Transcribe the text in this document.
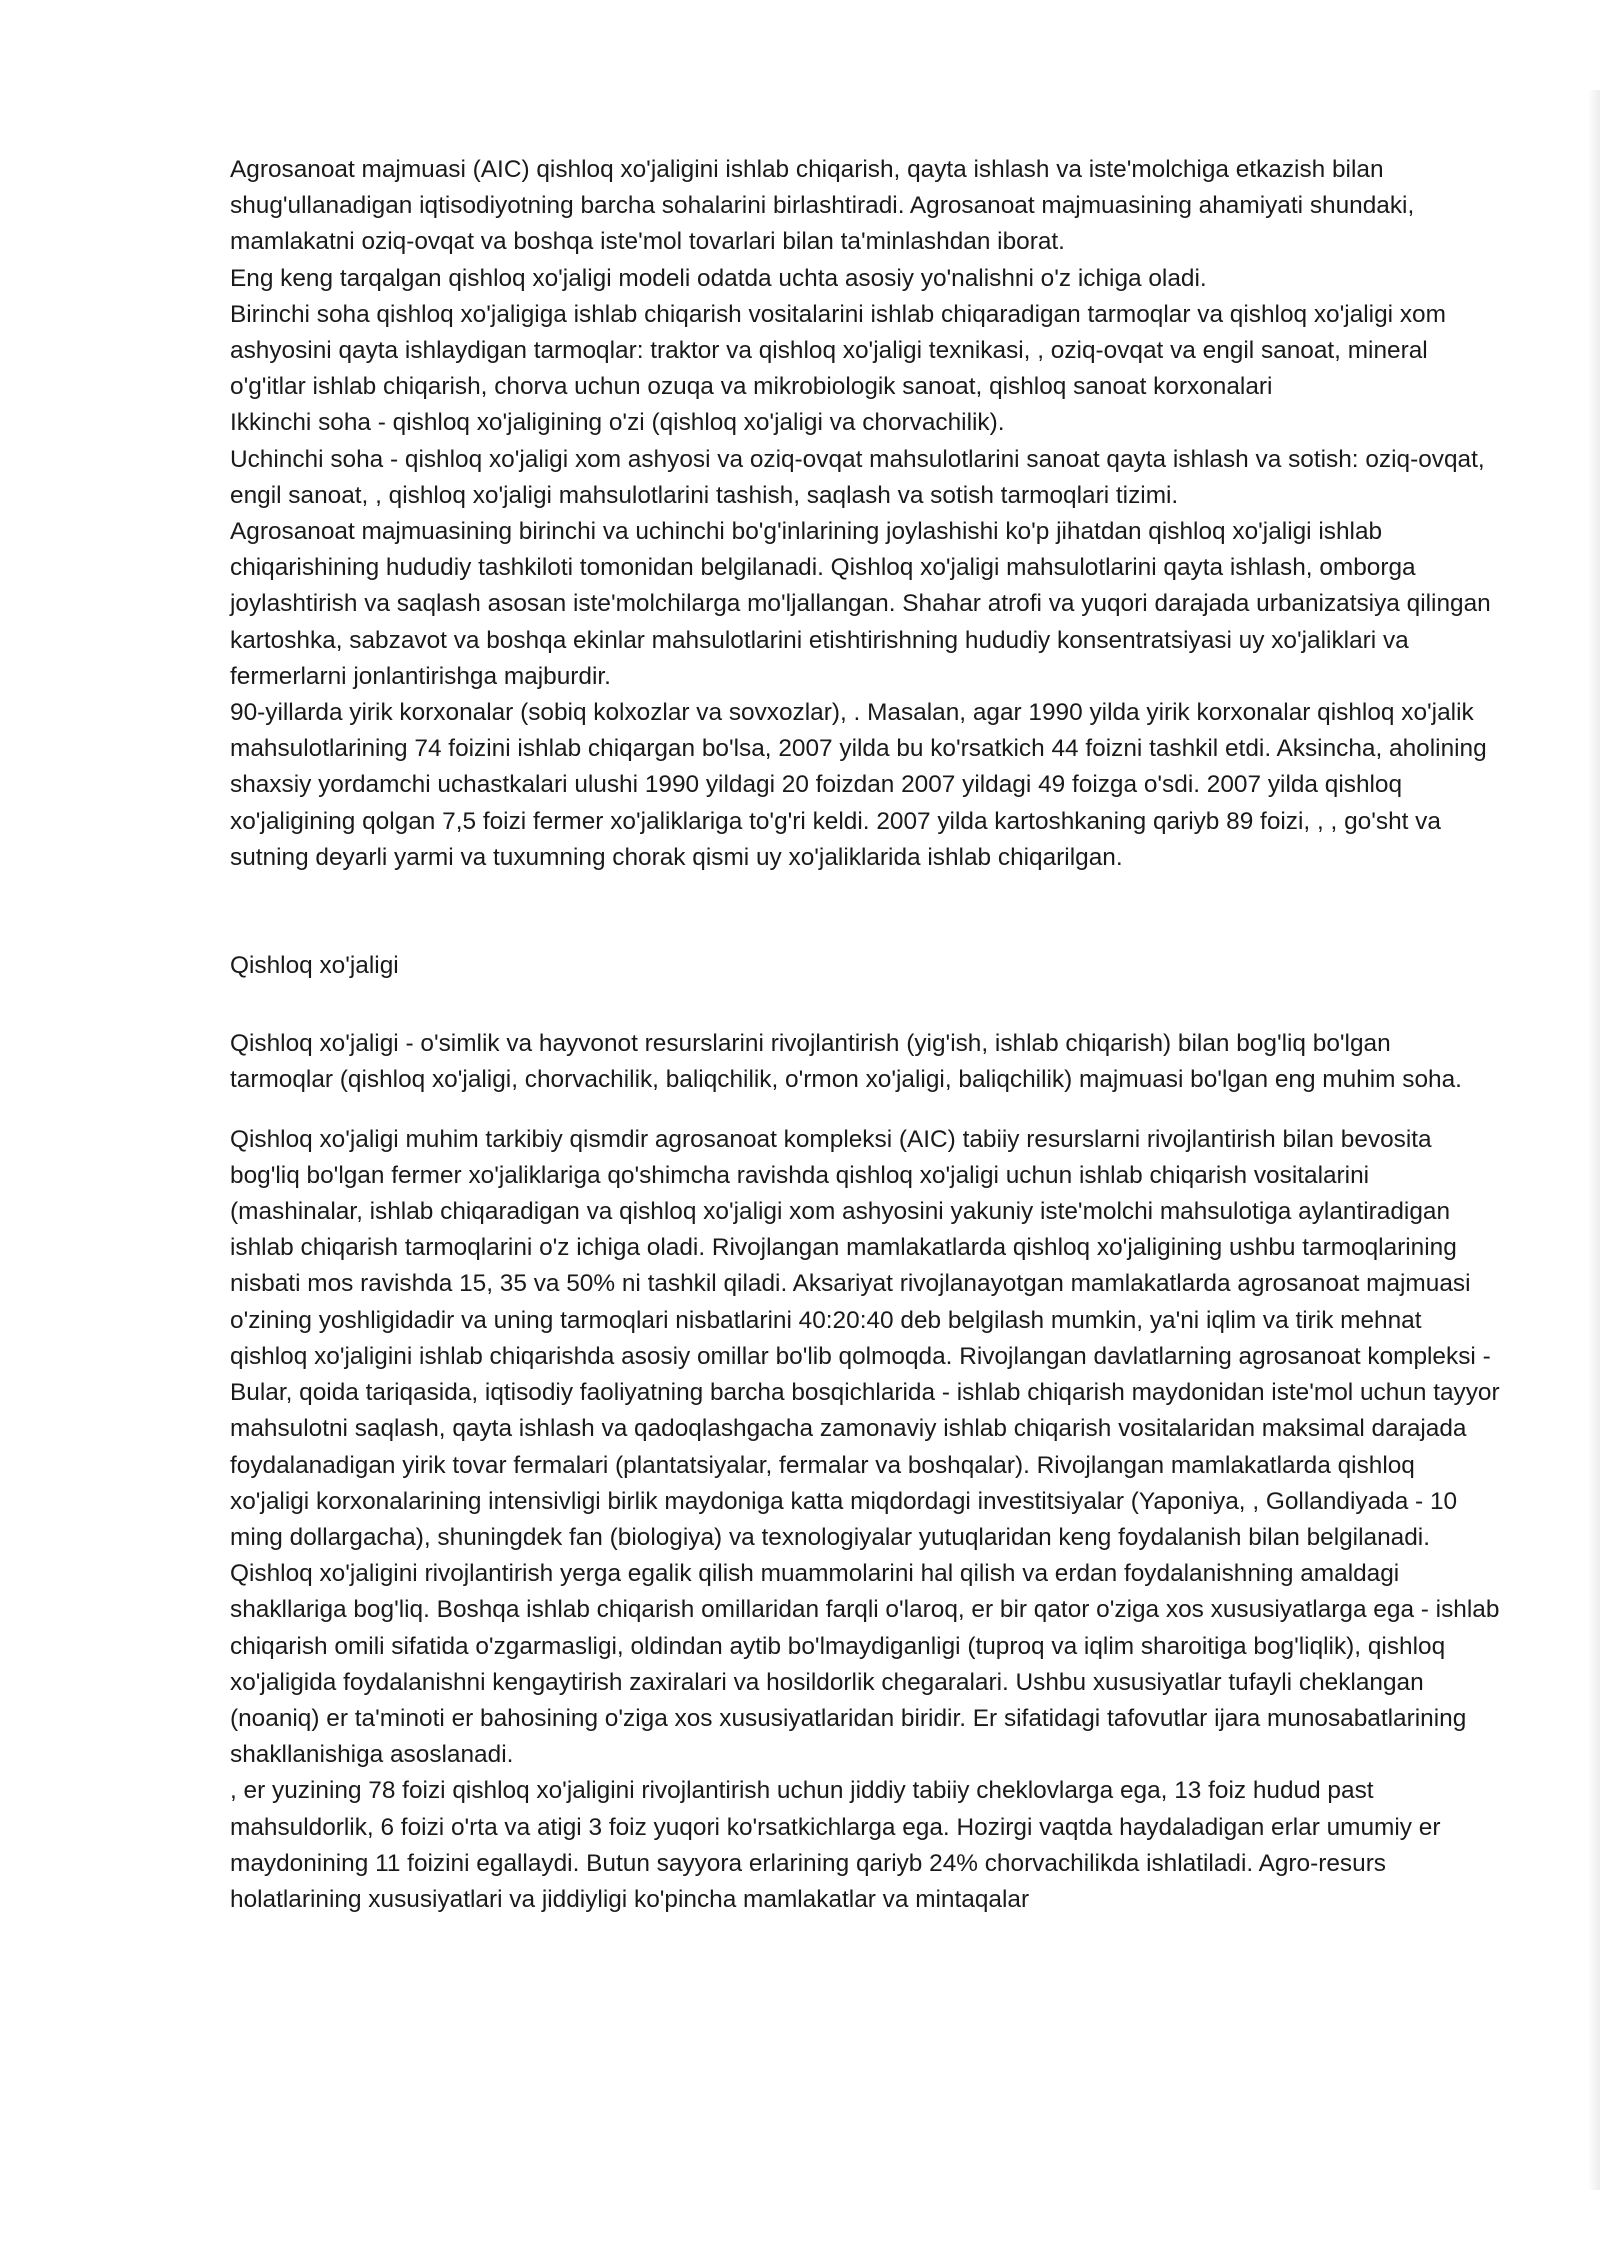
Agrosanoat majmuasi (AIC) qishloq xo'jaligini ishlab chiqarish, qayta ishlash va iste'molchiga etkazish bilan shug'ullanadigan iqtisodiyotning barcha sohalarini birlashtiradi. Agrosanoat majmuasining ahamiyati shundaki, mamlakatni oziq-ovqat va boshqa iste'mol tovarlari bilan ta'minlashdan iborat.

Eng keng tarqalgan qishloq xo'jaligi modeli odatda uchta asosiy yo'nalishni o'z ichiga oladi.

Birinchi soha qishloq xo'jaligiga ishlab chiqarish vositalarini ishlab chiqaradigan tarmoqlar va qishloq xo'jaligi xom ashyosini qayta ishlaydigan tarmoqlar: traktor va qishloq xo'jaligi texnikasi, , oziq-ovqat va engil sanoat, mineral o'g'itlar ishlab chiqarish, chorva uchun ozuqa va mikrobiologik sanoat, qishloq sanoat korxonalari

Ikkinchi soha - qishloq xo'jaligining o'zi (qishloq xo'jaligi va chorvachilik).

Uchinchi soha - qishloq xo'jaligi xom ashyosi va oziq-ovqat mahsulotlarini sanoat qayta ishlash va sotish: oziq-ovqat, engil sanoat, , qishloq xo'jaligi mahsulotlarini tashish, saqlash va sotish tarmoqlari tizimi.

Agrosanoat majmuasining birinchi va uchinchi bo'g'inlarining joylashishi ko'p jihatdan qishloq xo'jaligi ishlab chiqarishining hududiy tashkiloti tomonidan belgilanadi. Qishloq xo'jaligi mahsulotlarini qayta ishlash, omborga joylashtirish va saqlash asosan iste'molchilarga mo'ljallangan. Shahar atrofi va yuqori darajada urbanizatsiya qilingan kartoshka, sabzavot va boshqa ekinlar mahsulotlarini etishtirishning hududiy konsentratsiyasi uy xo'jaliklari va fermerlarni jonlantirishga majburdir.

90-yillarda yirik korxonalar (sobiq kolxozlar va sovxozlar), . Masalan, agar 1990 yilda yirik korxonalar qishloq xo'jalik mahsulotlarining 74 foizini ishlab chiqargan bo'lsa, 2007 yilda bu ko'rsatkich 44 foizni tashkil etdi. Aksincha, aholining shaxsiy yordamchi uchastkalari ulushi 1990 yildagi 20 foizdan 2007 yildagi 49 foizga o'sdi. 2007 yilda qishloq xo'jaligining qolgan 7,5 foizi fermer xo'jaliklariga to'g'ri keldi. 2007 yilda kartoshkaning qariyb 89 foizi, , , go'sht va sutning deyarli yarmi va tuxumning chorak qismi uy xo'jaliklarida ishlab chiqarilgan.

Qishloq xo'jaligi

Qishloq xo'jaligi - o'simlik va hayvonot resurslarini rivojlantirish (yig'ish, ishlab chiqarish) bilan bog'liq bo'lgan tarmoqlar (qishloq xo'jaligi, chorvachilik, baliqchilik, o'rmon xo'jaligi, baliqchilik) majmuasi bo'lgan eng muhim soha.

Qishloq xo'jaligi muhim tarkibiy qismdir agrosanoat kompleksi (AIC) tabiiy resurslarni rivojlantirish bilan bevosita bog'liq bo'lgan fermer xo'jaliklariga qo'shimcha ravishda qishloq xo'jaligi uchun ishlab chiqarish vositalarini (mashinalar, ishlab chiqaradigan va qishloq xo'jaligi xom ashyosini yakuniy iste'molchi mahsulotiga aylantiradigan ishlab chiqarish tarmoqlarini o'z ichiga oladi. Rivojlangan mamlakatlarda qishloq xo'jaligining ushbu tarmoqlarining nisbati mos ravishda 15, 35 va 50% ni tashkil qiladi. Aksariyat rivojlanayotgan mamlakatlarda agrosanoat majmuasi o'zining yoshligidadir va uning tarmoqlari nisbatlarini 40:20:40 deb belgilash mumkin, ya'ni iqlim va tirik mehnat qishloq xo'jaligini ishlab chiqarishda asosiy omillar bo'lib qolmoqda. Rivojlangan davlatlarning agrosanoat kompleksi - Bular, qoida tariqasida, iqtisodiy faoliyatning barcha bosqichlarida - ishlab chiqarish maydonidan iste'mol uchun tayyor mahsulotni saqlash, qayta ishlash va qadoqlashgacha zamonaviy ishlab chiqarish vositalaridan maksimal darajada foydalanadigan yirik tovar fermalari (plantatsiyalar, fermalar va boshqalar). Rivojlangan mamlakatlarda qishloq xo'jaligi korxonalarining intensivligi birlik maydoniga katta miqdordagi investitsiyalar (Yaponiya, , Gollandiyada - 10 ming dollargacha), shuningdek fan (biologiya) va texnologiyalar yutuqlaridan keng foydalanish bilan belgilanadi.

Qishloq xo'jaligini rivojlantirish yerga egalik qilish muammolarini hal qilish va erdan foydalanishning amaldagi shakllariga bog'liq. Boshqa ishlab chiqarish omillaridan farqli o'laroq, er bir qator o'ziga xos xususiyatlarga ega - ishlab chiqarish omili sifatida o'zgarmasligi, oldindan aytib bo'lmaydiganligi (tuproq va iqlim sharoitiga bog'liqlik), qishloq xo'jaligida foydalanishni kengaytirish zaxiralari va hosildorlik chegaralari. Ushbu xususiyatlar tufayli cheklangan (noaniq) er ta'minoti er bahosining o'ziga xos xususiyatlaridan biridir. Er sifatidagi tafovutlar ijara munosabatlarining shakllanishiga asoslanadi.

, er yuzining 78 foizi qishloq xo'jaligini rivojlantirish uchun jiddiy tabiiy cheklovlarga ega, 13 foiz hudud past mahsuldorlik, 6 foizi o'rta va atigi 3 foiz yuqori ko'rsatkichlarga ega. Hozirgi vaqtda haydaladigan erlar umumiy er maydonining 11 foizini egallaydi. Butun sayyora erlarining qariyb 24% chorvachilikda ishlatiladi. Agro-resurs holatlarining xususiyatlari va jiddiyligi ko'pincha mamlakatlar va mintaqalar
